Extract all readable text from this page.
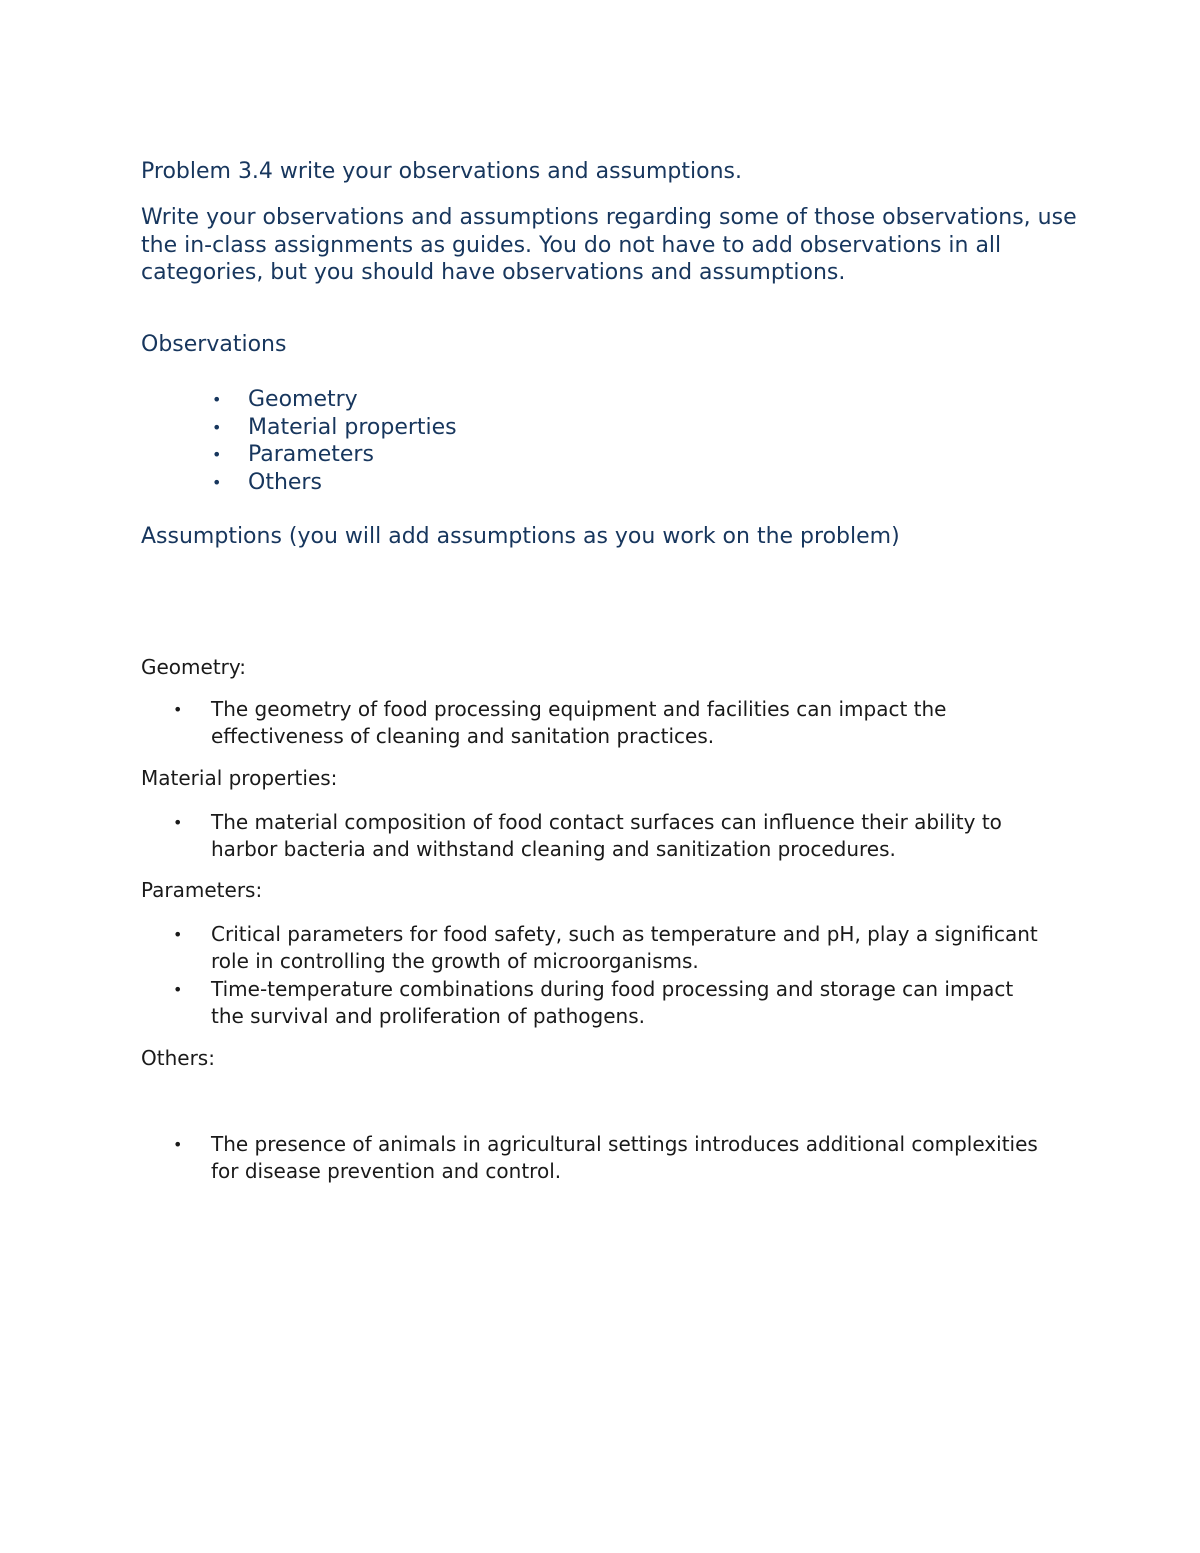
Problem 3.4 write your observations and assumptions.

Write your observations and assumptions regarding some of those observations, use the in-class assignments as guides. You do not have to add observations in all categories, but you should have observations and assumptions.

Observations

• Geometry
• Material properties
• Parameters
• Others

Assumptions (you will add assumptions as you work on the problem)

Geometry:

• The geometry of food processing equipment and facilities can impact the effectiveness of cleaning and sanitation practices.

Material properties:

• The material composition of food contact surfaces can influence their ability to harbor bacteria and withstand cleaning and sanitization procedures.

Parameters:

• Critical parameters for food safety, such as temperature and pH, play a significant role in controlling the growth of microorganisms.
• Time-temperature combinations during food processing and storage can impact the survival and proliferation of pathogens.

Others:

• The presence of animals in agricultural settings introduces additional complexities for disease prevention and control.
